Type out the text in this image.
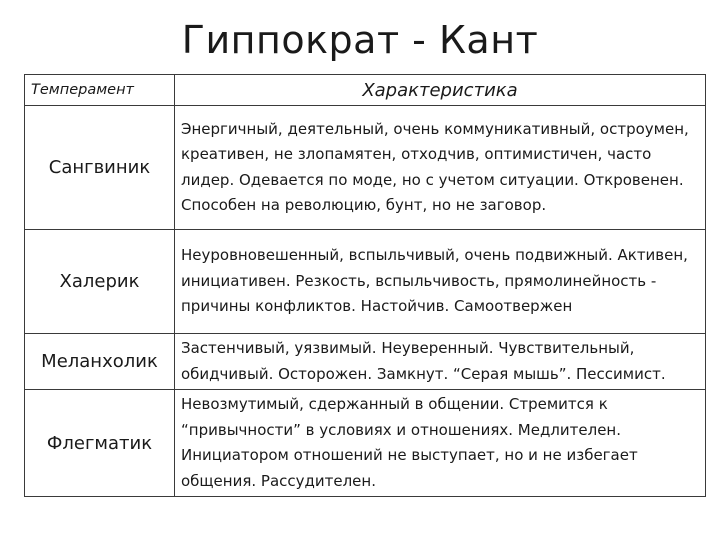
Гиппократ - Кант
Темперамент	Характеристика
Сангвиник	Энергичный, деятельный, очень коммуникативный, остроумен, креативен, не злопамятен, отходчив, оптимистичен, часто лидер. Одевается по моде, но с учетом ситуации. Откровенен. Способен на революцию, бунт, но не заговор.
Халерик	Неуровновешенный, вспыльчивый, очень подвижный. Активен, инициативен. Резкость, вспыльчивость, прямолинейность - причины конфликтов. Настойчив. Самоотвержен
Меланхолик	Застенчивый, уязвимый. Неуверенный. Чувствительный, обидчивый. Осторожен. Замкнут. “Серая мышь”. Пессимист.
Флегматик	Невозмутимый, сдержанный в общении. Стремится к “привычности” в условиях и отношениях. Медлителен. Инициатором отношений не выступает, но и не избегает общения. Рассудителен.
